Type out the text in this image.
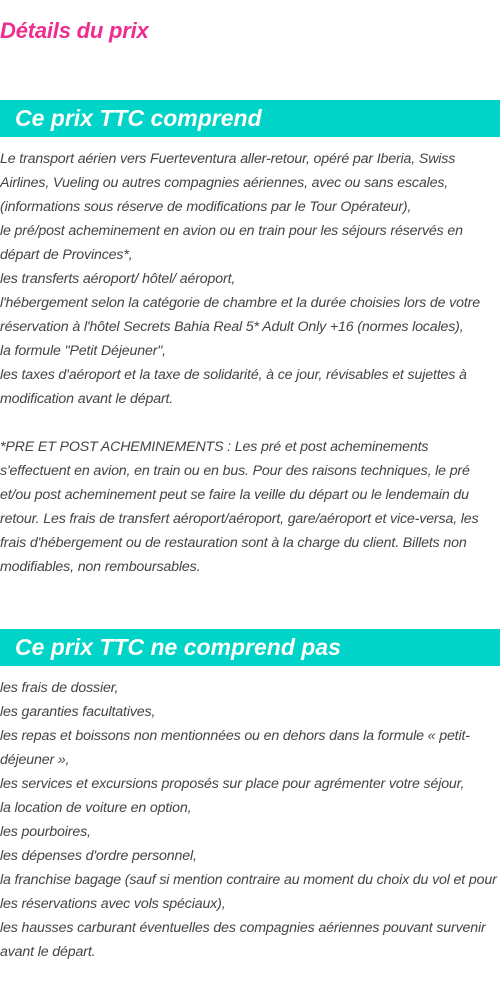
Détails du prix
Ce prix TTC comprend
Le transport aérien vers Fuerteventura aller-retour, opéré par Iberia, Swiss Airlines, Vueling ou autres compagnies aériennes, avec ou sans escales, (informations sous réserve de modifications par le Tour Opérateur),
le pré/post acheminement en avion ou en train pour les séjours réservés en départ de Provinces*,
les transferts aéroport/ hôtel/ aéroport,
l'hébergement selon la catégorie de chambre et la durée choisies lors de votre réservation à l'hôtel Secrets Bahia Real 5* Adult Only +16 (normes locales),
la formule "Petit Déjeuner",
les taxes d'aéroport et la taxe de solidarité, à ce jour, révisables et sujettes à modification avant le départ.
*PRE ET POST ACHEMINEMENTS : Les pré et post acheminements s'effectuent en avion, en train ou en bus. Pour des raisons techniques, le pré et/ou post acheminement peut se faire la veille du départ ou le lendemain du retour. Les frais de transfert aéroport/aéroport, gare/aéroport et vice-versa, les frais d'hébergement ou de restauration sont à la charge du client. Billets non modifiables, non remboursables.
Ce prix TTC ne comprend pas
les frais de dossier,
les garanties facultatives,
les repas et boissons non mentionnées ou en dehors dans la formule « petit-déjeuner »,
les services et excursions proposés sur place pour agrémenter votre séjour,
la location de voiture en option,
les pourboires,
les dépenses d'ordre personnel,
la franchise bagage (sauf si mention contraire au moment du choix du vol et pour les réservations avec vols spéciaux),
les hausses carburant éventuelles des compagnies aériennes pouvant survenir avant le départ.
